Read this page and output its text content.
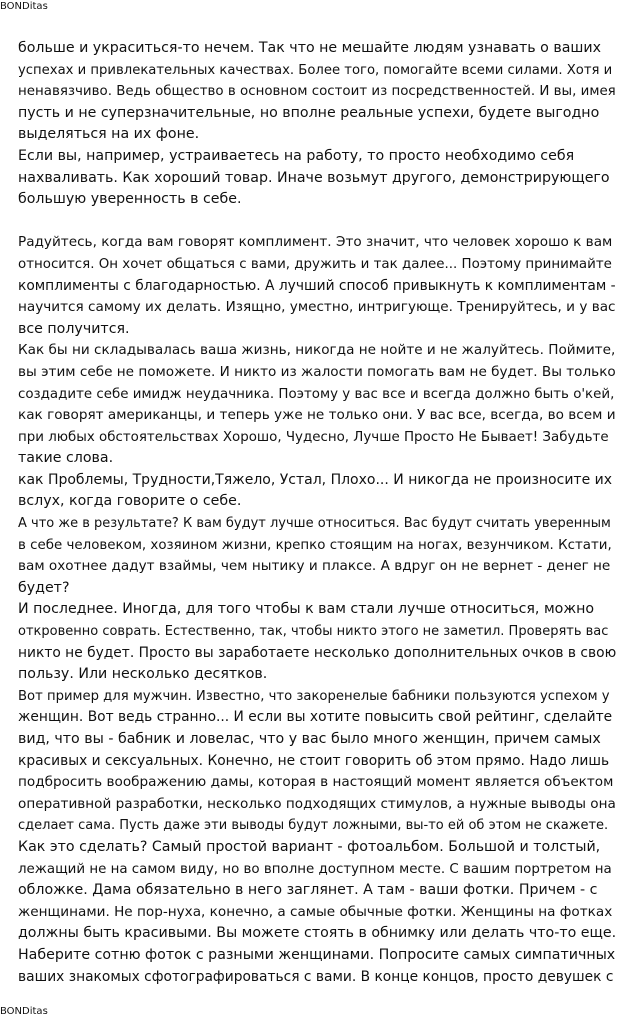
BONDitas
больше и украситься-то нечем. Так что не мешайте людям узнавать о ваших
успехах и привлекательных качествах. Более того, помогайте всеми силами. Хотя и
ненавязчиво. Ведь общество в основном состоит из посредственностей. И вы, имея
пусть и не суперзначительные, но вполне реальные успехи, будете выгодно
выделяться на их фоне.
Если вы, например, устраиваетесь на работу, то просто необходимо себя
нахваливать. Как хороший товар. Иначе возьмут другого, демонстрирующего
большую уверенность в себе.
Радуйтесь, когда вам говорят комплимент. Это значит, что человек хорошо к вам
относится. Он хочет общаться с вами, дружить и так далее... Поэтому принимайте
комплименты с благодарностью. А лучший способ привыкнуть к комплиментам -
научится самому их делать. Изящно, уместно, интригующе. Тренируйтесь, и у вас
все получится.
Как бы ни складывалась ваша жизнь, никогда не нойте и не жалуйтесь. Поймите,
вы этим себе не поможете. И никто из жалости помогать вам не будет. Вы только
создадите себе имидж неудачника. Поэтому у вас все и всегда должно быть о'кей,
как говорят американцы, и теперь уже не только они. У вас все, всегда, во всем и
при любых обстоятельствах Хорошо, Чудесно, Лучше Просто Не Бывает! Забудьте
такие слова.
как Проблемы, Трудности,Тяжело, Устал, Плохо... И никогда не произносите их
вслух, когда говорите о себе.
А что же в результате? К вам будут лучше относиться. Вас будут считать уверенным
в себе человеком, хозяином жизни, крепко стоящим на ногах, везунчиком. Кстати,
вам охотнее дадут взаймы, чем нытику и плаксе. А вдруг он не вернет - денег не
будет?
И последнее. Иногда, для того чтобы к вам стали лучше относиться, можно
откровенно соврать. Естественно, так, чтобы никто этого не заметил. Проверять вас
никто не будет. Просто вы заработаете несколько дополнительных очков в свою
пользу. Или несколько десятков.
Вот пример для мужчин. Известно, что закоренелые бабники пользуются успехом у
женщин. Вот ведь странно... И если вы хотите повысить свой рейтинг, сделайте
вид, что вы - бабник и ловелас, что у вас было много женщин, причем самых
красивых и сексуальных. Конечно, не стоит говорить об этом прямо. Надо лишь
подбросить воображению дамы, которая в настоящий момент является объектом
оперативной разработки, несколько подходящих стимулов, а нужные выводы она
сделает сама. Пусть даже эти выводы будут ложными, вы-то ей об этом не скажете.
Как это сделать? Самый простой вариант - фотоальбом. Большой и толстый,
лежащий не на самом виду, но во вполне доступном месте. С вашим портретом на
обложке. Дама обязательно в него заглянет. А там - ваши фотки. Причем - с
женщинами. Не пор-нуха, конечно, а самые обычные фотки. Женщины на фотках
должны быть красивыми. Вы можете стоять в обнимку или делать что-то еще.
Наберите сотню фоток с разными женщинами. Попросите самых симпатичных
ваших знакомых сфотографироваться с вами. В конце концов, просто девушек с
BONDitas
